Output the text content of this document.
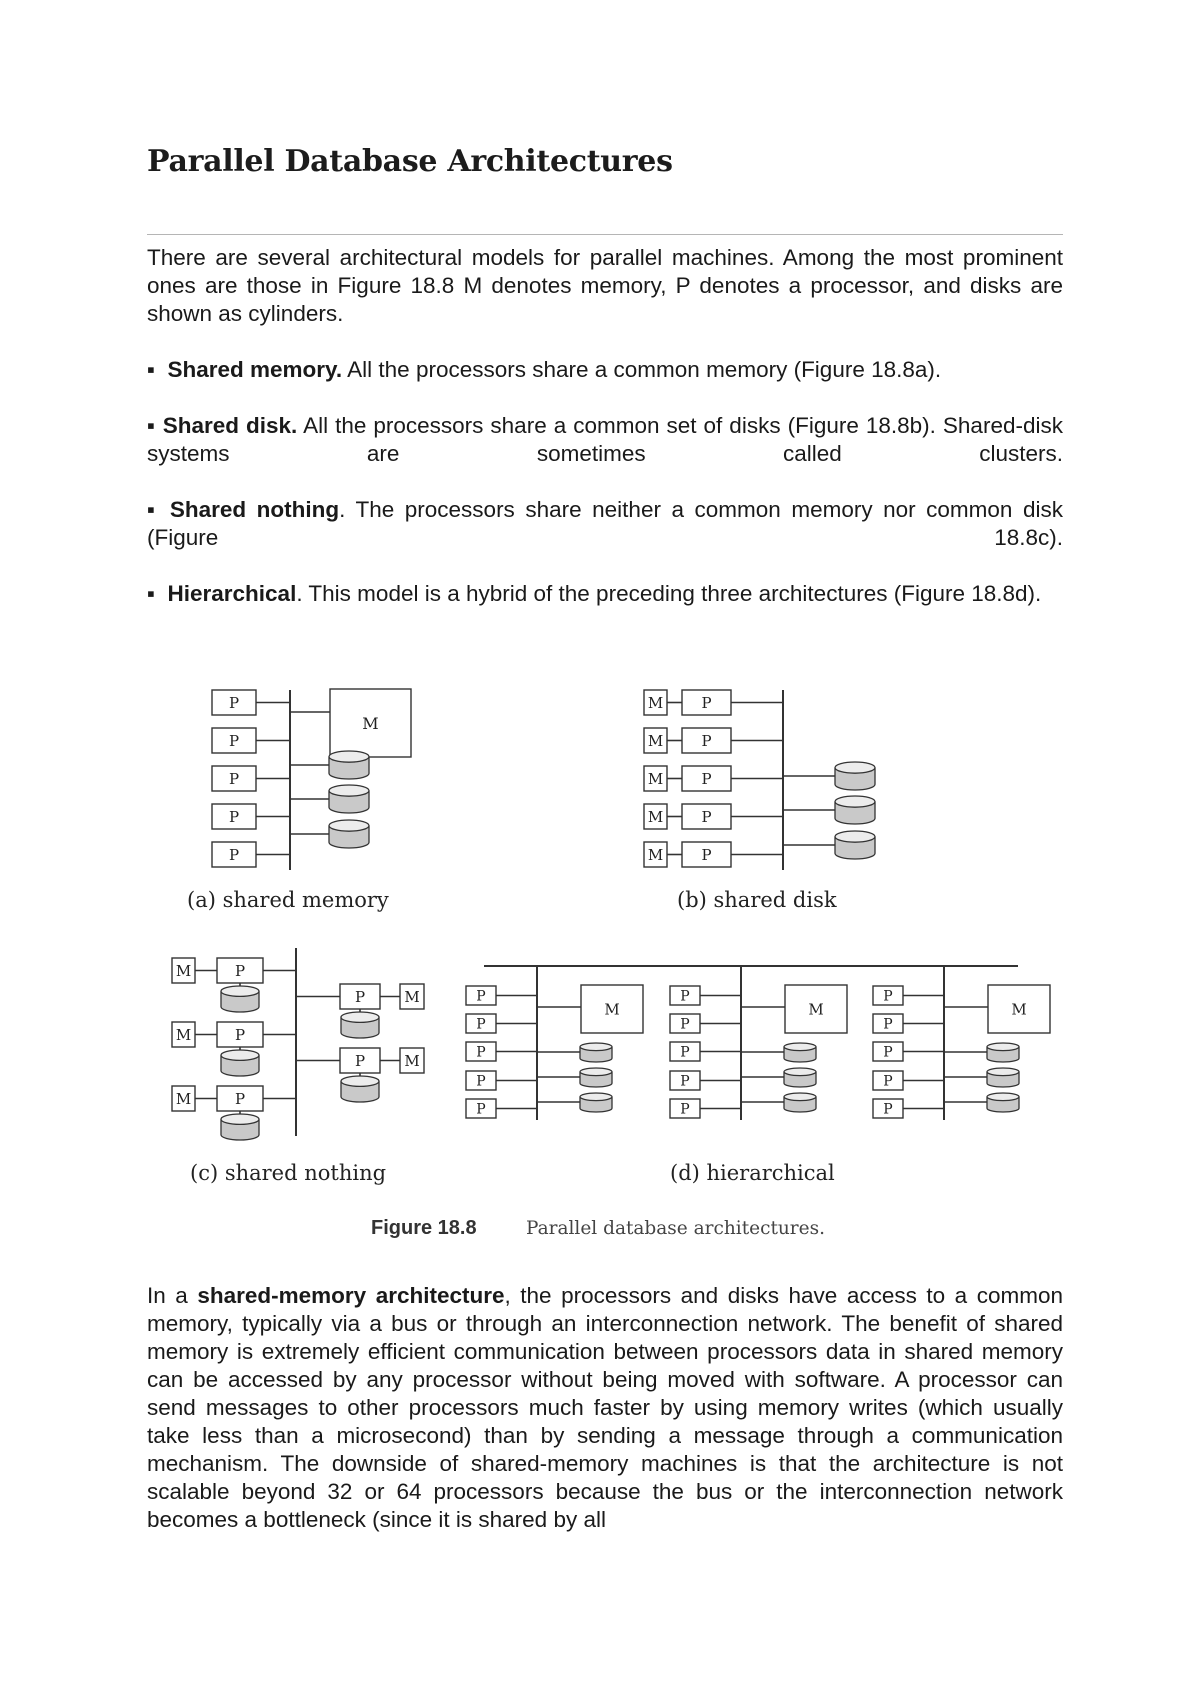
Parallel Database Architectures

There are several architectural models for parallel machines. Among the most prominent ones are those in Figure 18.8 M denotes memory, P denotes a processor, and disks are shown as cylinders.

▪ Shared memory. All the processors share a common memory (Figure 18.8a).

▪ Shared disk. All the processors share a common set of disks (Figure 18.8b). Shared-disk systems are sometimes called clusters.

▪ Shared nothing. The processors share neither a common memory nor common disk (Figure 18.8c).

▪ Hierarchical. This model is a hybrid of the preceding three architectures (Figure 18.8d).

P
P
P
P
P
M
M	P
M	P
M	P
M	P
M	P
M	P
M	P
M	P
P	M
P	M
P
P
P
P
P
M
P
P
P
P
P
M
P
P
P
P
P
M
(a) shared memory	(b) shared disk
(c) shared nothing	(d) hierarchical
Figure 18.8	Parallel database architectures.

In a shared-memory architecture, the processors and disks have access to a common memory, typically via a bus or through an interconnection network. The benefit of shared memory is extremely efficient communication between processors data in shared memory can be accessed by any processor without being moved with software. A processor can send messages to other processors much faster by using memory writes (which usually take less than a microsecond) than by sending a message through a communication mechanism. The downside of shared-memory machines is that the architecture is not scalable beyond 32 or 64 processors because the bus or the interconnection network becomes a bottleneck (since it is shared by all
